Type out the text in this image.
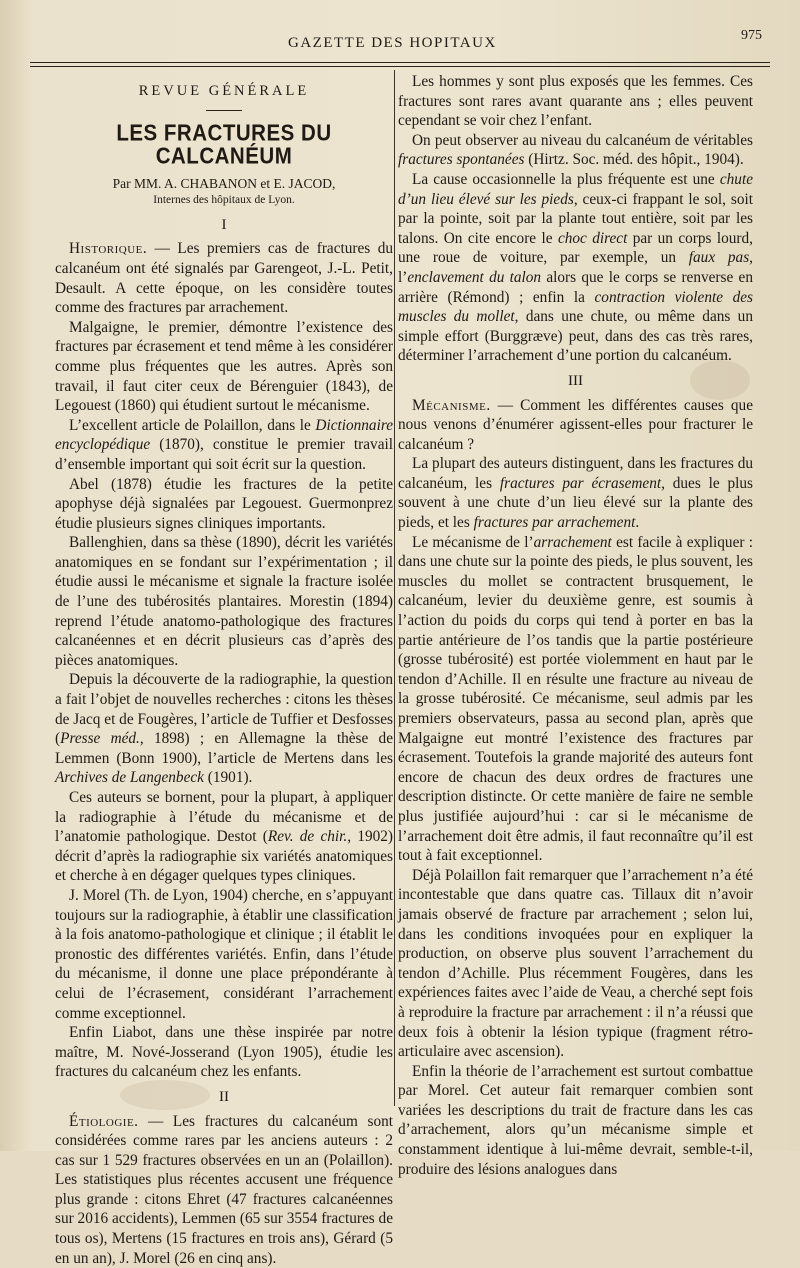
GAZETTE DES HOPITAUX	975
REVUE GÉNÉRALE
LES FRACTURES DU CALCANÉUM
Par MM. A. CHABANON et E. JACOD,
Internes des hôpitaux de Lyon.
I

Historique. — Les premiers cas de fractures du calcanéum ont été signalés par Garengeot, J.-L. Petit, Desault. A cette époque, on les considère toutes comme des fractures par arrachement.

Malgaigne, le premier, démontre l’existence des fractures par écrasement et tend même à les considérer comme plus fréquentes que les autres. Après son travail, il faut citer ceux de Bérenguier (1843), de Legouest (1860) qui étudient surtout le mécanisme.

L’excellent article de Polaillon, dans le Dictionnaire encyclopédique (1870), constitue le premier travail d’ensemble important qui soit écrit sur la question.

Abel (1878) étudie les fractures de la petite apophyse déjà signalées par Legouest. Guermonprez étudie plusieurs signes cliniques importants.

Ballenghien, dans sa thèse (1890), décrit les variétés anatomiques en se fondant sur l’expérimentation ; il étudie aussi le mécanisme et signale la fracture isolée de l’une des tubérosités plantaires. Morestin (1894) reprend l’étude anatomo-pathologique des fractures calcanéennes et en décrit plusieurs cas d’après des pièces anatomiques.

Depuis la découverte de la radiographie, la question a fait l’objet de nouvelles recherches : citons les thèses de Jacq et de Fougères, l’article de Tuffier et Desfosses (Presse méd., 1898) ; en Allemagne la thèse de Lemmen (Bonn 1900), l’article de Mertens dans les Archives de Langenbeck (1901).

Ces auteurs se bornent, pour la plupart, à appliquer la radiographie à l’étude du mécanisme et de l’anatomie pathologique. Destot (Rev. de chir., 1902) décrit d’après la radiographie six variétés anatomiques et cherche à en dégager quelques types cliniques.

J. Morel (Th. de Lyon, 1904) cherche, en s’appuyant toujours sur la radiographie, à établir une classification à la fois anatomo-pathologique et clinique ; il établit le pronostic des différentes variétés. Enfin, dans l’étude du mécanisme, il donne une place prépondérante à celui de l’écrasement, considérant l’arrachement comme exceptionnel.

Enfin Liabot, dans une thèse inspirée par notre maître, M. Nové-Josserand (Lyon 1905), étudie les fractures du calcanéum chez les enfants.

II

Étiologie. — Les fractures du calcanéum sont considérées comme rares par les anciens auteurs : 2 cas sur 1 529 fractures observées en un an (Polaillon). Les statistiques plus récentes accusent une fréquence plus grande : citons Ehret (47 fractures calcanéennes sur 2016 accidents), Lemmen (65 sur 3554 fractures de tous os), Mertens (15 fractures en trois ans), Gérard (5 en un an), J. Morel (26 en cinq ans).

Les hommes y sont plus exposés que les femmes. Ces fractures sont rares avant quarante ans ; elles peuvent cependant se voir chez l’enfant.

On peut observer au niveau du calcanéum de véritables fractures spontanées (Hirtz. Soc. méd. des hôpit., 1904).

La cause occasionnelle la plus fréquente est une chute d’un lieu élevé sur les pieds, ceux-ci frappant le sol, soit par la pointe, soit par la plante tout entière, soit par les talons. On cite encore le choc direct par un corps lourd, une roue de voiture, par exemple, un faux pas, l’enclavement du talon alors que le corps se renverse en arrière (Rémond) ; enfin la contraction violente des muscles du mollet, dans une chute, ou même dans un simple effort (Burggræve) peut, dans des cas très rares, déterminer l’arrachement d’une portion du calcanéum.

III

Mécanisme. — Comment les différentes causes que nous venons d’énumérer agissent-elles pour fracturer le calcanéum ?

La plupart des auteurs distinguent, dans les fractures du calcanéum, les fractures par écrasement, dues le plus souvent à une chute d’un lieu élevé sur la plante des pieds, et les fractures par arrachement.

Le mécanisme de l’arrachement est facile à expliquer : dans une chute sur la pointe des pieds, le plus souvent, les muscles du mollet se contractent brusquement, le calcanéum, levier du deuxième genre, est soumis à l’action du poids du corps qui tend à porter en bas la partie antérieure de l’os tandis que la partie postérieure (grosse tubérosité) est portée violemment en haut par le tendon d’Achille. Il en résulte une fracture au niveau de la grosse tubérosité. Ce mécanisme, seul admis par les premiers observateurs, passa au second plan, après que Malgaigne eut montré l’existence des fractures par écrasement. Toutefois la grande majorité des auteurs font encore de chacun des deux ordres de fractures une description distincte. Or cette manière de faire ne semble plus justifiée aujourd’hui : car si le mécanisme de l’arrachement doit être admis, il faut reconnaître qu’il est tout à fait exceptionnel.

Déjà Polaillon fait remarquer que l’arrachement n’a été incontestable que dans quatre cas. Tillaux dit n’avoir jamais observé de fracture par arrachement ; selon lui, dans les conditions invoquées pour en expliquer la production, on observe plus souvent l’arrachement du tendon d’Achille. Plus récemment Fougères, dans les expériences faites avec l’aide de Veau, a cherché sept fois à reproduire la fracture par arrachement : il n’a réussi que deux fois à obtenir la lésion typique (fragment rétro-articulaire avec ascension).

Enfin la théorie de l’arrachement est surtout combattue par Morel. Cet auteur fait remarquer combien sont variées les descriptions du trait de fracture dans les cas d’arrachement, alors qu’un mécanisme simple et constamment identique à lui-même devrait, semble-t-il, produire des lésions analogues dans
